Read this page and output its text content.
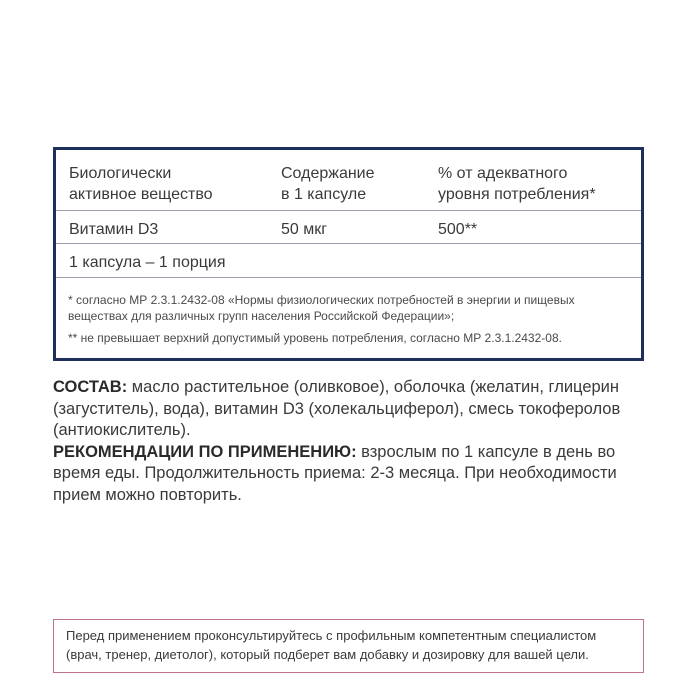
Биологически
активное вещество
Содержание
в 1 капсуле
% от адекватного
уровня потребления*
Витамин D3	50 мкг	500**
1 капсула – 1 порция
* согласно МР 2.3.1.2432-08 «Нормы физиологических потребностей в энергии и пищевых
веществах для различных групп населения Российской Федерации»;
** не превышает верхний допустимый уровень потребления, согласно МР 2.3.1.2432-08.
СОСТАВ: масло растительное (оливковое), оболочка (желатин, глицерин
(загуститель), вода), витамин D3 (холекальциферол), смесь токоферолов
(антиокислитель).
РЕКОМЕНДАЦИИ ПО ПРИМЕНЕНИЮ: взрослым по 1 капсуле в день во
время еды. Продолжительность приема: 2-3 месяца. При необходимости
прием можно повторить.
Перед применением проконсультируйтесь с профильным компетентным специалистом
(врач, тренер, диетолог), который подберет вам добавку и дозировку для вашей цели.
